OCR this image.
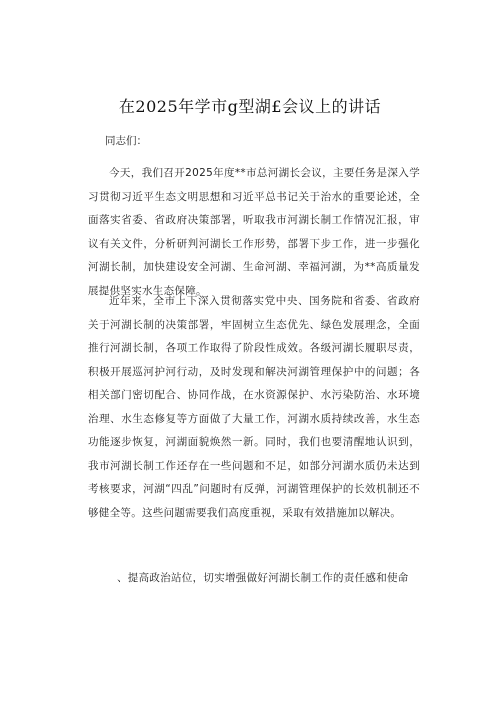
在2025年学市g型湖£会议上的讲话
同志们：
今天，我们召开2025年度**市总河湖长会议，主要任务是深入学习贯彻习近平生态文明思想和习近平总书记关于治水的重要论述，全面落实省委、省政府决策部署，听取我市河湖长制工作情况汇报，审议有关文件，分析研判河湖长工作形势，部署下步工作，进一步强化河湖长制，加快建设安全河湖、生命河湖、幸福河湖，为**高质量发展提供坚实水生态保障。
近年来，全市上下深入贯彻落实党中央、国务院和省委、省政府关于河湖长制的决策部署，牢固树立生态优先、绿色发展理念，全面推行河湖长制，各项工作取得了阶段性成效。各级河湖长履职尽责，积极开展巡河护河行动，及时发现和解决河湖管理保护中的问题；各相关部门密切配合、协同作战，在水资源保护、水污染防治、水环境治理、水生态修复等方面做了大量工作，河湖水质持续改善，水生态功能逐步恢复，河湖面貌焕然一新。同时，我们也要清醒地认识到，我市河湖长制工作还存在一些问题和不足，如部分河湖水质仍未达到考核要求，河湖“四乱”问题时有反弹，河湖管理保护的长效机制还不够健全等。这些问题需要我们高度重视，采取有效措施加以解决。
、提高政治站位，切实增强做好河湖长制工作的责任感和使命
